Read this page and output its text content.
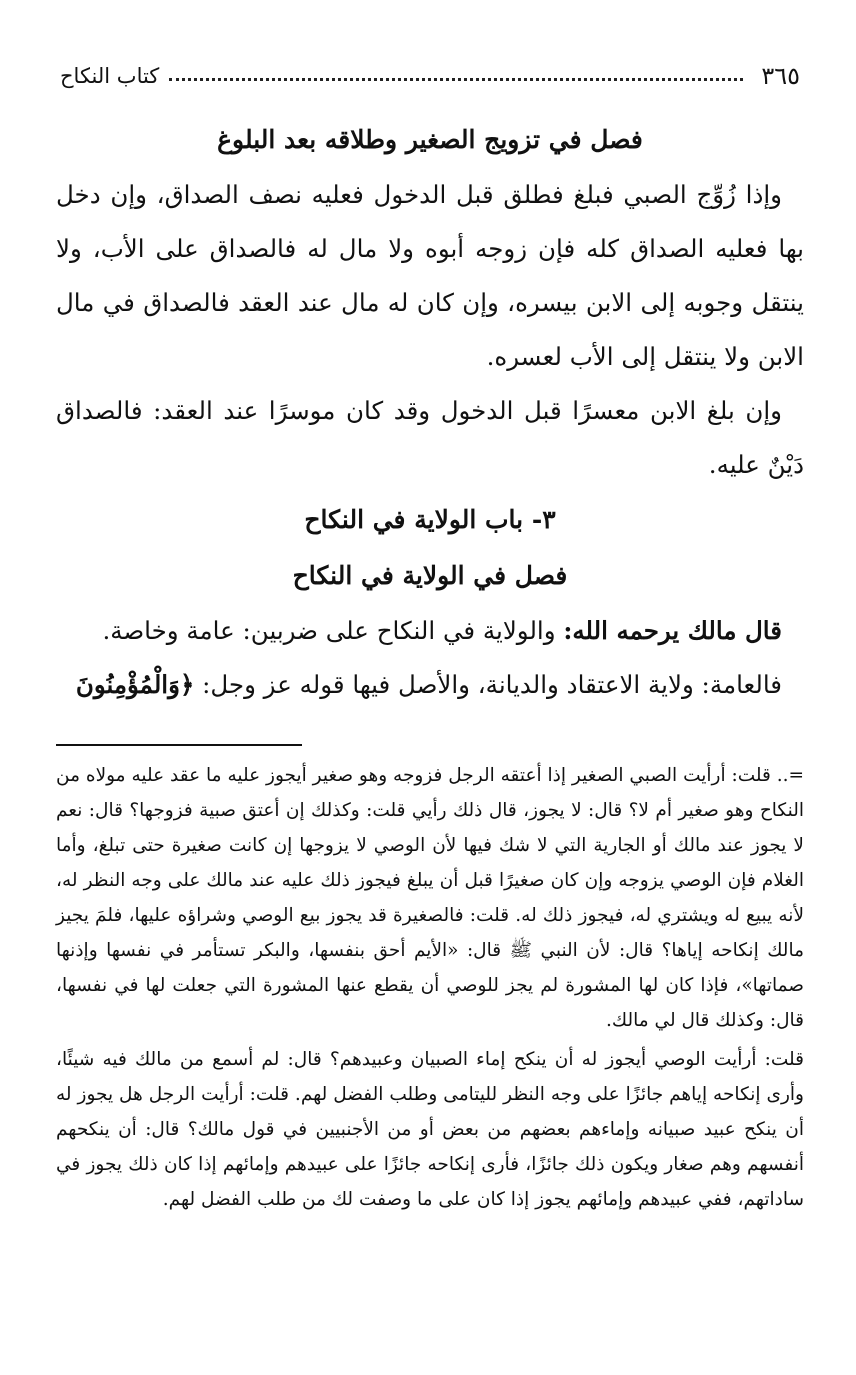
٣٦٥
كتاب النكاح
فصل في تزويج الصغير وطلاقه بعد البلوغ

وإذا زُوِّج الصبي فبلغ فطلق قبل الدخول فعليه نصف الصداق، وإن دخل بها فعليه الصداق كله فإن زوجه أبوه ولا مال له فالصداق على الأب، ولا ينتقل وجوبه إلى الابن بيسره، وإن كان له مال عند العقد فالصداق في مال الابن ولا ينتقل إلى الأب لعسره.

وإن بلغ الابن معسرًا قبل الدخول وقد كان موسرًا عند العقد: فالصداق دَيْنٌ عليه.

٣- باب الولاية في النكاح
فصل في الولاية في النكاح

قال مالك يرحمه الله: والولاية في النكاح على ضربين: عامة وخاصة.

فالعامة: ولاية الاعتقاد والديانة، والأصل فيها قوله عز وجل: ﴿وَالْمُؤْمِنُونَ

=.. قلت: أرأيت الصبي الصغير إذا أعتقه الرجل فزوجه وهو صغير أيجوز عليه ما عقد عليه مولاه من النكاح وهو صغير أم لا؟ قال: لا يجوز، قال ذلك رأيي قلت: وكذلك إن أعتق صبية فزوجها؟ قال: نعم لا يجوز عند مالك أو الجارية التي لا شك فيها لأن الوصي لا يزوجها إن كانت صغيرة حتى تبلغ، وأما الغلام فإن الوصي يزوجه وإن كان صغيرًا قبل أن يبلغ فيجوز ذلك عليه عند مالك على وجه النظر له، لأنه يبيع له ويشتري له، فيجوز ذلك له. قلت: فالصغيرة قد يجوز بيع الوصي وشراؤه عليها، فلمَ يجيز مالك إنكاحه إياها؟ قال: لأن النبي ﷺ قال: «الأيم أحق بنفسها، والبكر تستأمر في نفسها وإذنها صماتها»، فإذا كان لها المشورة لم يجز للوصي أن يقطع عنها المشورة التي جعلت لها في نفسها، قال: وكذلك قال لي مالك.

قلت: أرأيت الوصي أيجوز له أن ينكح إماء الصبيان وعبيدهم؟ قال: لم أسمع من مالك فيه شيئًا، وأرى إنكاحه إياهم جائزًا على وجه النظر لليتامى وطلب الفضل لهم. قلت: أرأيت الرجل هل يجوز له أن ينكح عبيد صبيانه وإماءهم بعضهم من بعض أو من الأجنبيين في قول مالك؟ قال: أن ينكحهم أنفسهم وهم صغار ويكون ذلك جائزًا، فأرى إنكاحه جائزًا على عبيدهم وإمائهم إذا كان ذلك يجوز في ساداتهم، ففي عبيدهم وإمائهم يجوز إذا كان على ما وصفت لك من طلب الفضل لهم.
